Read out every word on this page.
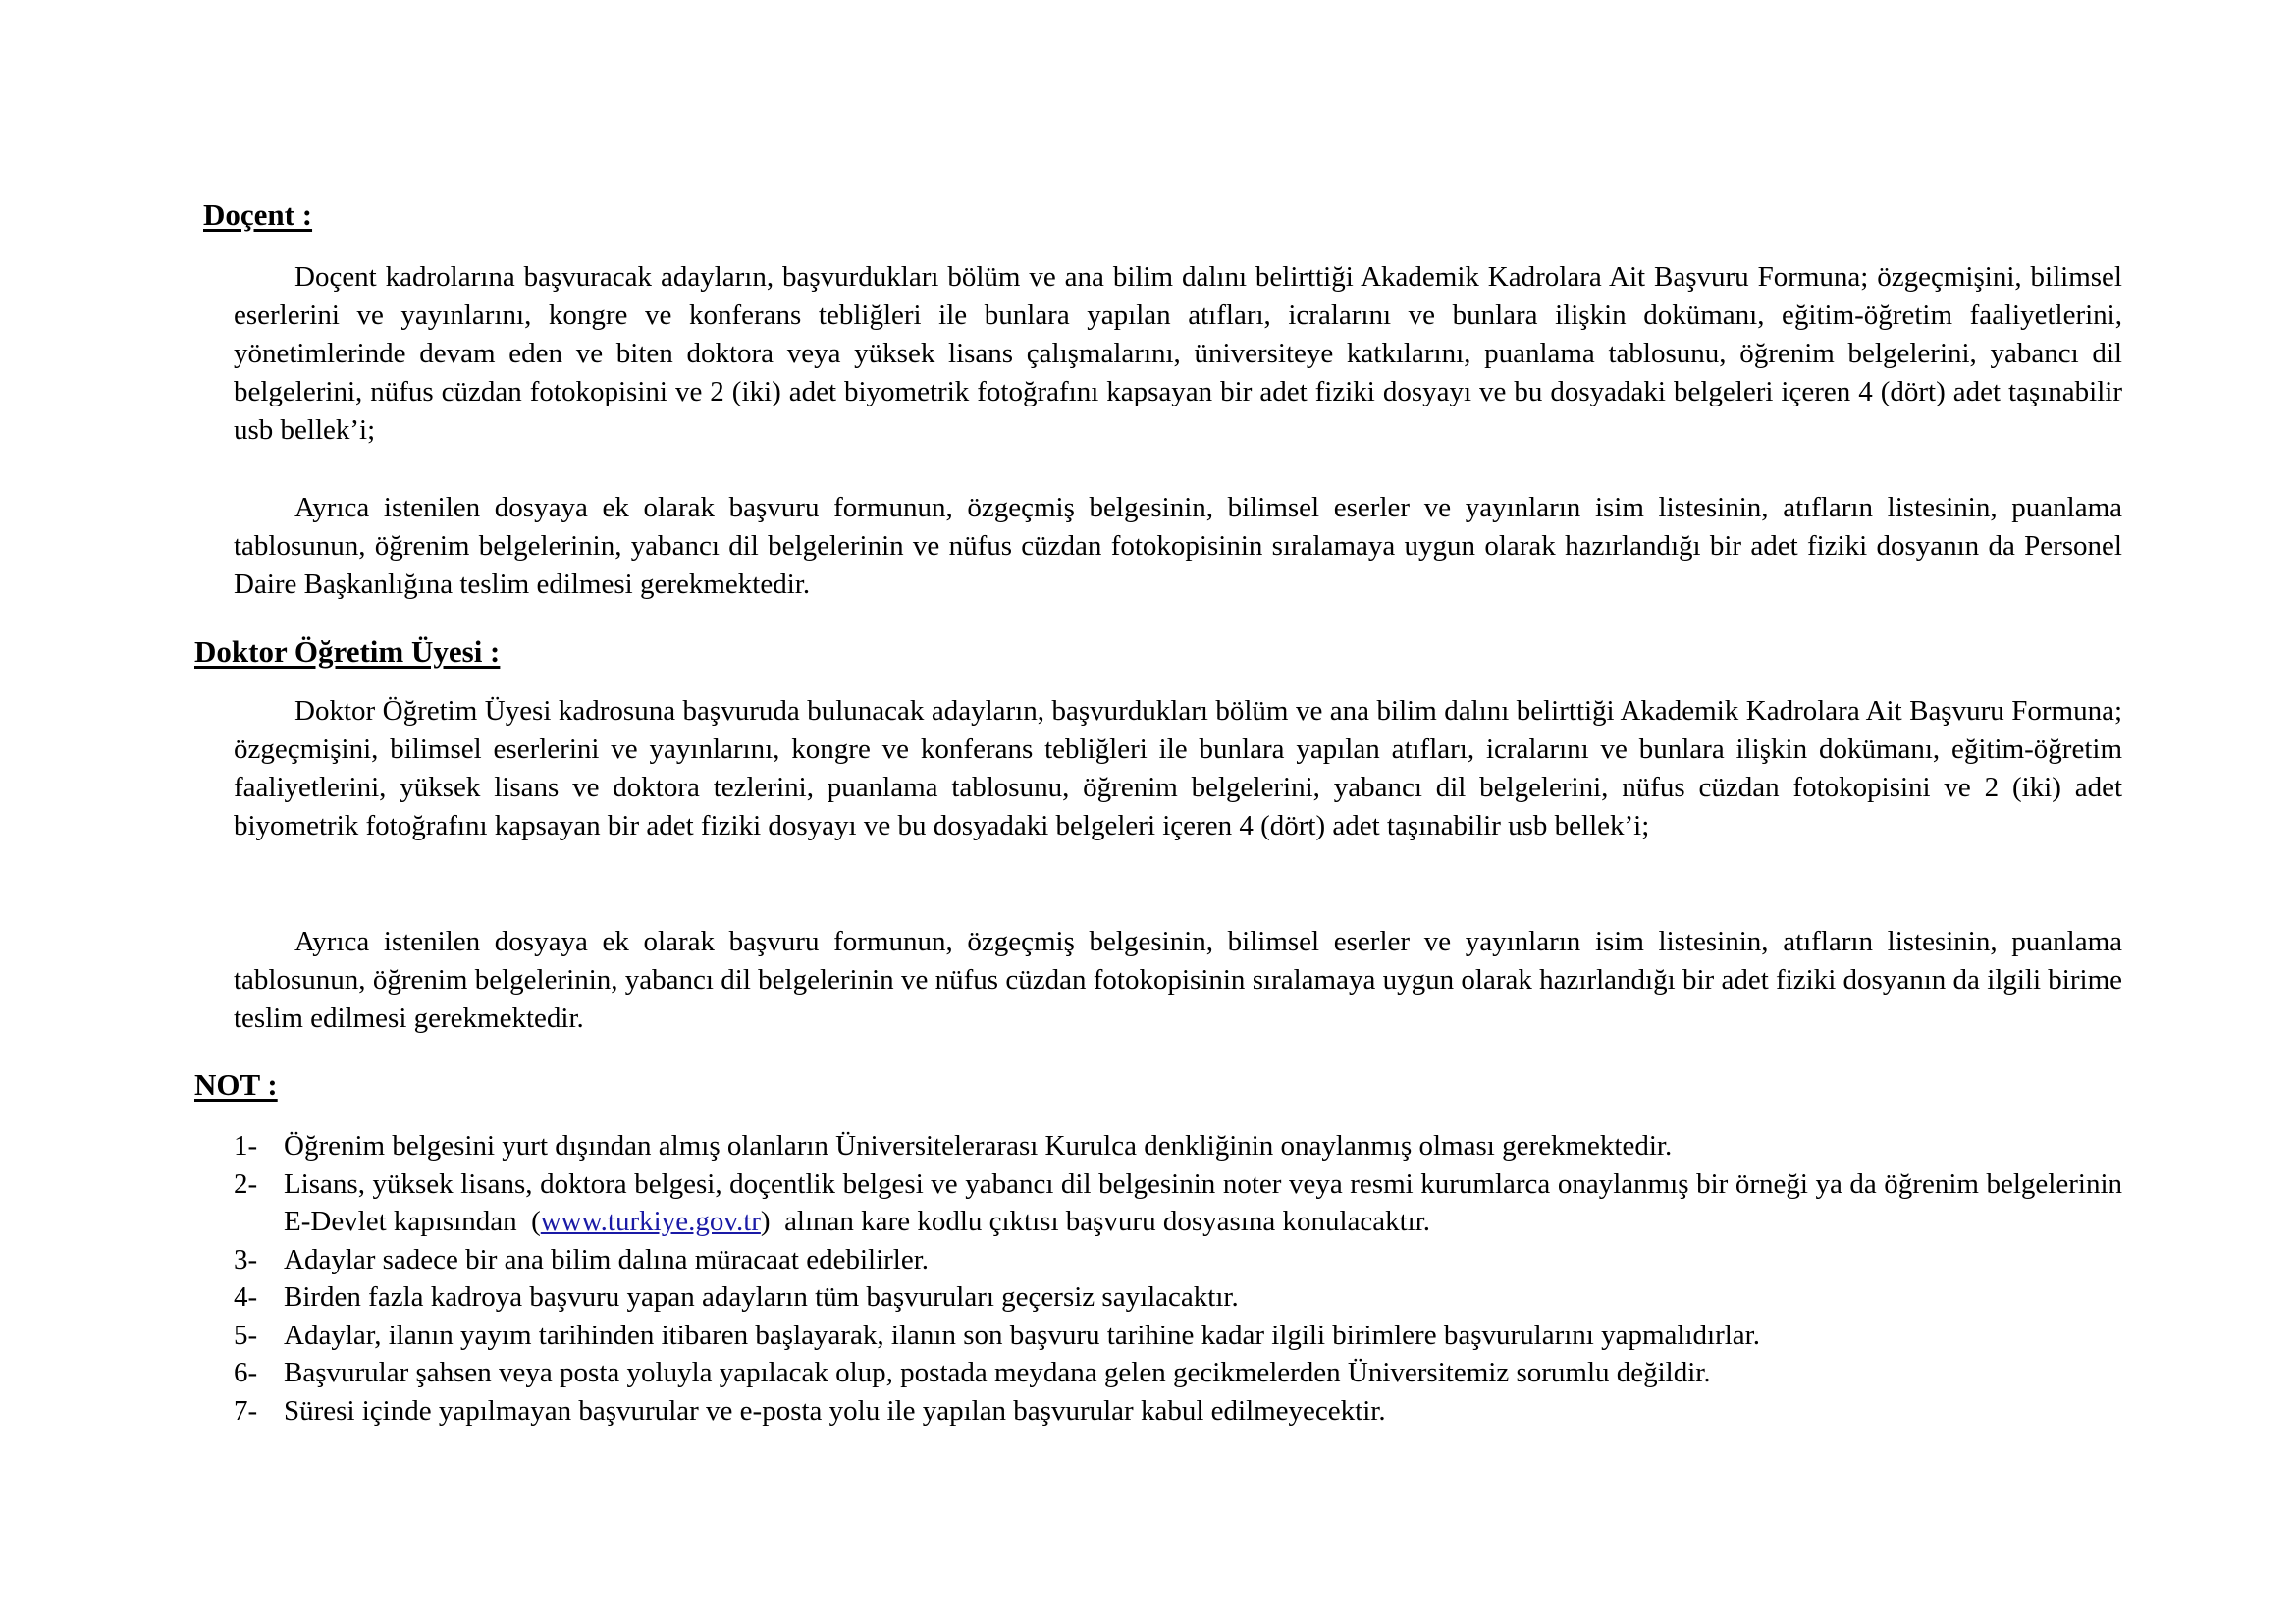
Doçent :

Doçent kadrolarına başvuracak adayların, başvurdukları bölüm ve ana bilim dalını belirttiği Akademik Kadrolara Ait Başvuru Formuna; özgeçmişini, bilimsel eserlerini ve yayınlarını, kongre ve konferans tebliğleri ile bunlara yapılan atıfları, icralarını ve bunlara ilişkin dokümanı, eğitim-öğretim faaliyetlerini, yönetimlerinde devam eden ve biten doktora veya yüksek lisans çalışmalarını, üniversiteye katkılarını, puanlama tablosunu, öğrenim belgelerini, yabancı dil belgelerini, nüfus cüzdan fotokopisini ve 2 (iki) adet biyometrik fotoğrafını kapsayan bir adet fiziki dosyayı ve bu dosyadaki belgeleri içeren 4 (dört) adet taşınabilir usb bellek’i;

Ayrıca istenilen dosyaya ek olarak başvuru formunun, özgeçmiş belgesinin, bilimsel eserler ve yayınların isim listesinin, atıfların listesinin, puanlama tablosunun, öğrenim belgelerinin, yabancı dil belgelerinin ve nüfus cüzdan fotokopisinin sıralamaya uygun olarak hazırlandığı bir adet fiziki dosyanın da Personel Daire Başkanlığına teslim edilmesi gerekmektedir.

Doktor Öğretim Üyesi :

Doktor Öğretim Üyesi kadrosuna başvuruda bulunacak adayların, başvurdukları bölüm ve ana bilim dalını belirttiği Akademik Kadrolara Ait Başvuru Formuna; özgeçmişini, bilimsel eserlerini ve yayınlarını, kongre ve konferans tebliğleri ile bunlara yapılan atıfları, icralarını ve bunlara ilişkin dokümanı, eğitim-öğretim faaliyetlerini, yüksek lisans ve doktora tezlerini, puanlama tablosunu, öğrenim belgelerini, yabancı dil belgelerini, nüfus cüzdan fotokopisini ve 2 (iki) adet biyometrik fotoğrafını kapsayan bir adet fiziki dosyayı ve bu dosyadaki belgeleri içeren 4 (dört) adet taşınabilir usb bellek’i;

Ayrıca istenilen dosyaya ek olarak başvuru formunun, özgeçmiş belgesinin, bilimsel eserler ve yayınların isim listesinin, atıfların listesinin, puanlama tablosunun, öğrenim belgelerinin, yabancı dil belgelerinin ve nüfus cüzdan fotokopisinin sıralamaya uygun olarak hazırlandığı bir adet fiziki dosyanın da ilgili birime teslim edilmesi gerekmektedir.

NOT :
1- Öğrenim belgesini yurt dışından almış olanların Üniversitelerarası Kurulca denkliğinin onaylanmış olması gerekmektedir.
2- Lisans, yüksek lisans, doktora belgesi, doçentlik belgesi ve yabancı dil belgesinin noter veya resmi kurumlarca onaylanmış bir örneği ya da öğrenim belgelerinin E-Devlet kapısından  (www.turkiye.gov.tr)  alınan kare kodlu çıktısı başvuru dosyasına konulacaktır.
3- Adaylar sadece bir ana bilim dalına müracaat edebilirler.
4- Birden fazla kadroya başvuru yapan adayların tüm başvuruları geçersiz sayılacaktır.
5- Adaylar, ilanın yayım tarihinden itibaren başlayarak, ilanın son başvuru tarihine kadar ilgili birimlere başvurularını yapmalıdırlar.
6- Başvurular şahsen veya posta yoluyla yapılacak olup, postada meydana gelen gecikmelerden Üniversitemiz sorumlu değildir.
7- Süresi içinde yapılmayan başvurular ve e-posta yolu ile yapılan başvurular kabul edilmeyecektir.
